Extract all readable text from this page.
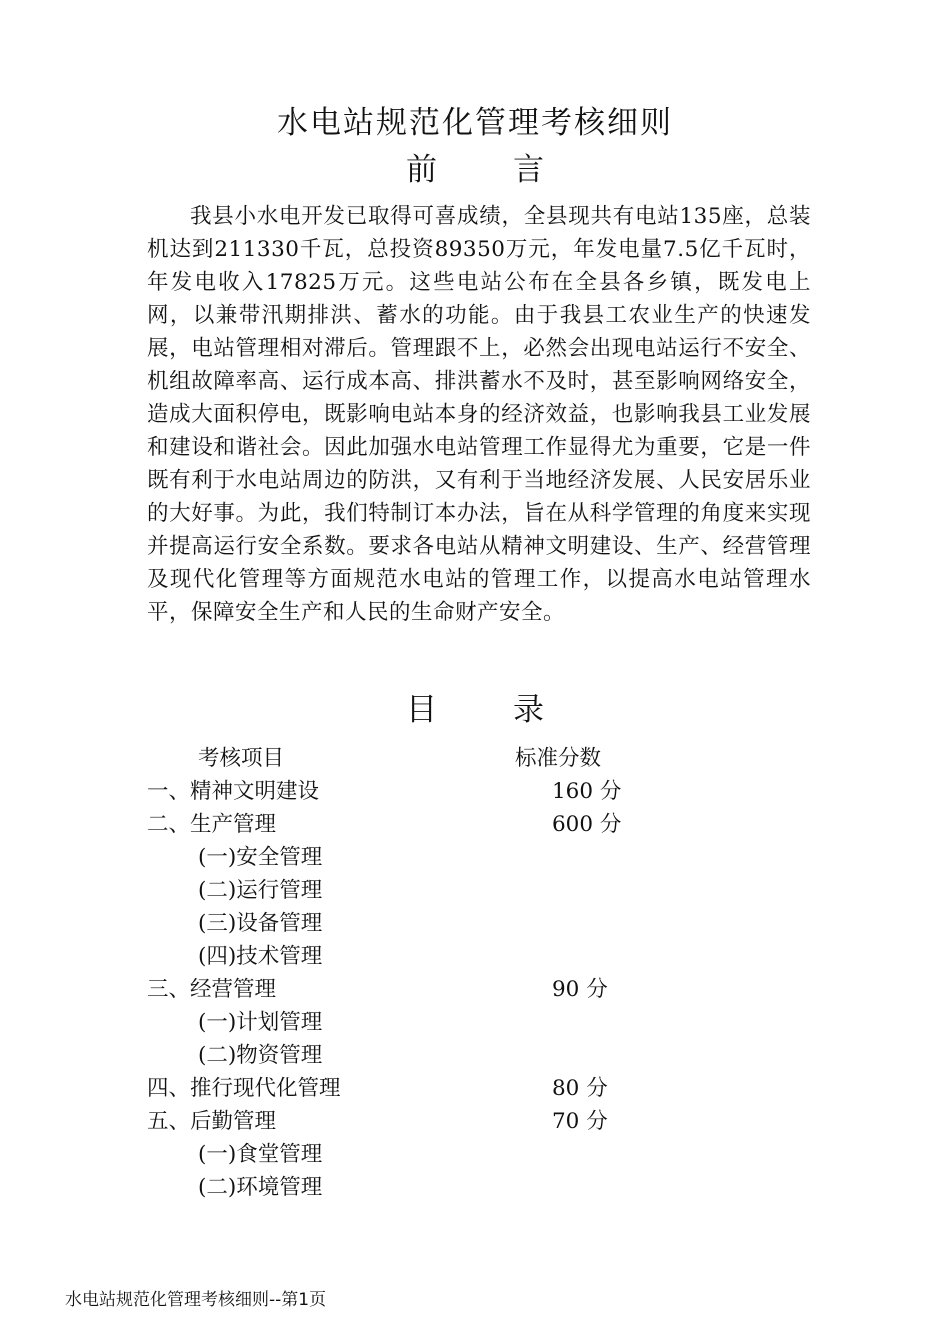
水电站规范化管理考核细则
前 言
我县小水电开发已取得可喜成绩，全县现共有电站135座，总装机达到211330千瓦，总投资89350万元，年发电量7.5亿千瓦时，年发电收入17825万元。这些电站公布在全县各乡镇，既发电上网，以兼带汛期排洪、蓄水的功能。由于我县工农业生产的快速发展，电站管理相对滞后。管理跟不上，必然会出现电站运行不安全、机组故障率高、运行成本高、排洪蓄水不及时，甚至影响网络安全，造成大面积停电，既影响电站本身的经济效益，也影响我县工业发展和建设和谐社会。因此加强水电站管理工作显得尤为重要，它是一件既有利于水电站周边的防洪，又有利于当地经济发展、人民安居乐业的大好事。为此，我们特制订本办法，旨在从科学管理的角度来实现并提高运行安全系数。要求各电站从精神文明建设、生产、经营管理及现代化管理等方面规范水电站的管理工作，以提高水电站管理水平，保障安全生产和人民的生命财产安全。
目 录
考核项目	标准分数
一、精神文明建设	160 分
二、生产管理	600 分
(一)安全管理
(二)运行管理
(三)设备管理
(四)技术管理
三、经营管理	90 分
(一)计划管理
(二)物资管理
四、推行现代化管理	80 分
五、后勤管理	70 分
(一)食堂管理
(二)环境管理
水电站规范化管理考核细则--第1页
